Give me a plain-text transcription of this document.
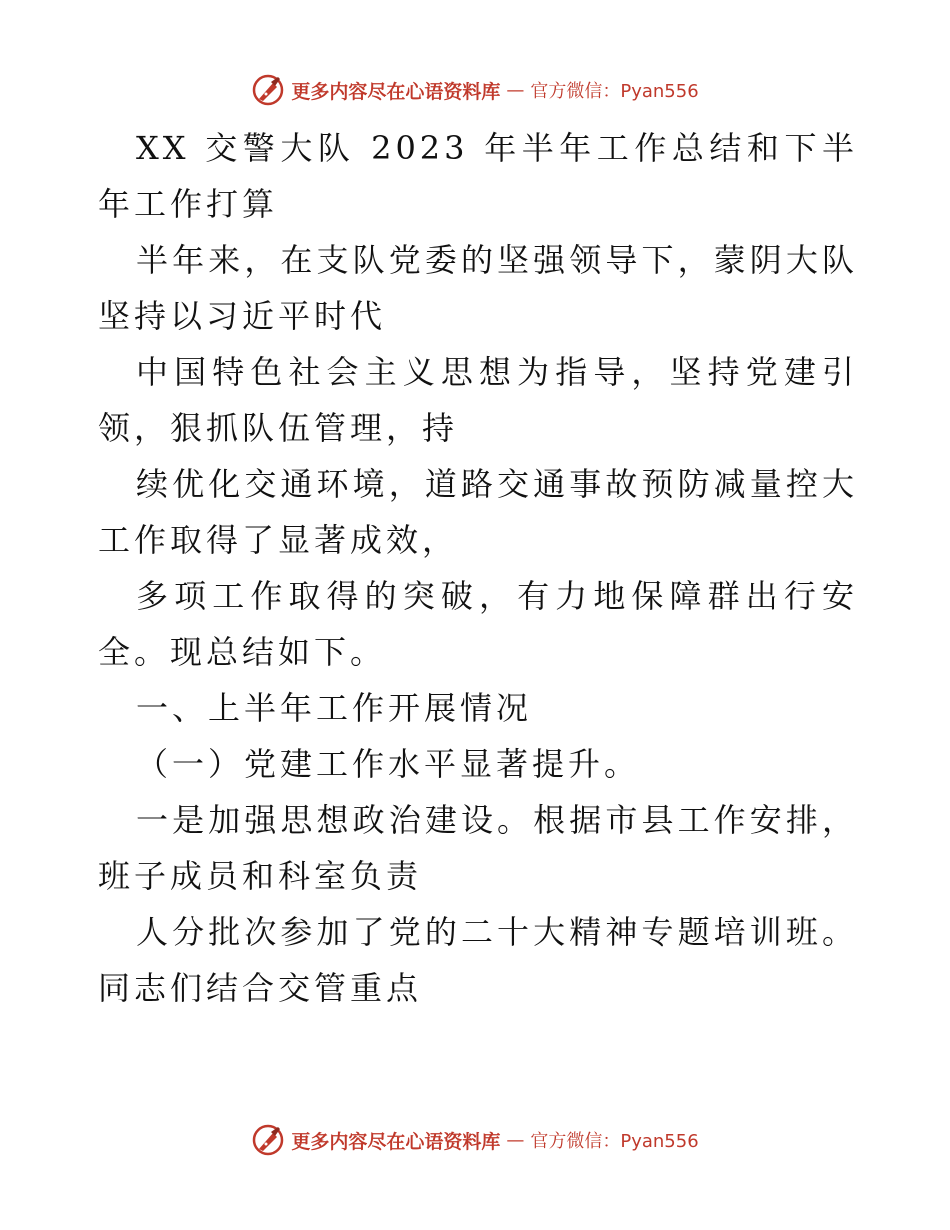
更多内容尽在心语资料库 — 官方微信：Pyan556

XX 交警大队 2023 年半年工作总结和下半年工作打算

半年来，在支队党委的坚强领导下，蒙阴大队坚持以习近平时代

中国特色社会主义思想为指导，坚持党建引领，狠抓队伍管理，持

续优化交通环境，道路交通事故预防减量控大工作取得了显著成效，

多项工作取得的突破，有力地保障群出行安全。现总结如下。

一、上半年工作开展情况

（一）党建工作水平显著提升。

一是加强思想政治建设。根据市县工作安排，班子成员和科室负责

人分批次参加了党的二十大精神专题培训班。同志们结合交管重点

更多内容尽在心语资料库 — 官方微信：Pyan556
